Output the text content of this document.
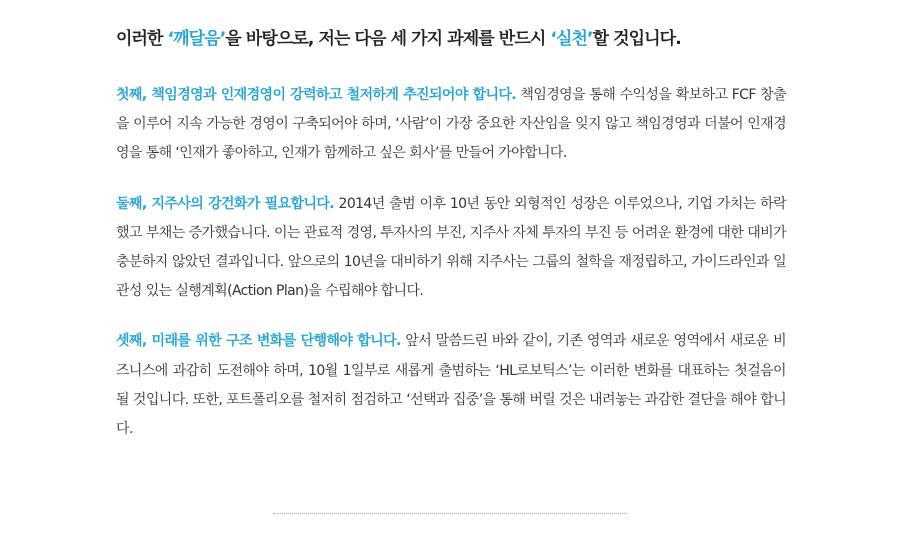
이러한 ‘깨달음’을 바탕으로, 저는 다음 세 가지 과제를 반드시 ‘실천’할 것입니다.

첫째, 책임경영과 인재경영이 강력하고 철저하게 추진되어야 합니다. 책임경영을 통해 수익성을 확보하고 FCF 창출을 이루어 지속 가능한 경영이 구축되어야 하며, ‘사람’이 가장 중요한 자산임을 잊지 않고 책임경영과 더불어 인재경영을 통해 ‘인재가 좋아하고, 인재가 함께하고 싶은 회사’를 만들어 가야합니다.

둘째, 지주사의 강건화가 필요합니다. 2014년 출범 이후 10년 동안 외형적인 성장은 이루었으나, 기업 가치는 하락했고 부채는 증가했습니다. 이는 관료적 경영, 투자사의 부진, 지주사 자체 투자의 부진 등 어려운 환경에 대한 대비가 충분하지 않았던 결과입니다. 앞으로의 10년을 대비하기 위해 지주사는 그룹의 철학을 재정립하고, 가이드라인과 일관성 있는 실행계획(Action Plan)을 수립해야 합니다.

셋째, 미래를 위한 구조 변화를 단행해야 합니다. 앞서 말씀드린 바와 같이, 기존 영역과 새로운 영역에서 새로운 비즈니스에 과감히 도전해야 하며, 10월 1일부로 새롭게 출범하는 ‘HL로보틱스’는 이러한 변화를 대표하는 첫걸음이 될 것입니다. 또한, 포트폴리오를 철저히 점검하고 ‘선택과 집중’을 통해 버릴 것은 내려놓는 과감한 결단을 해야 합니다.
